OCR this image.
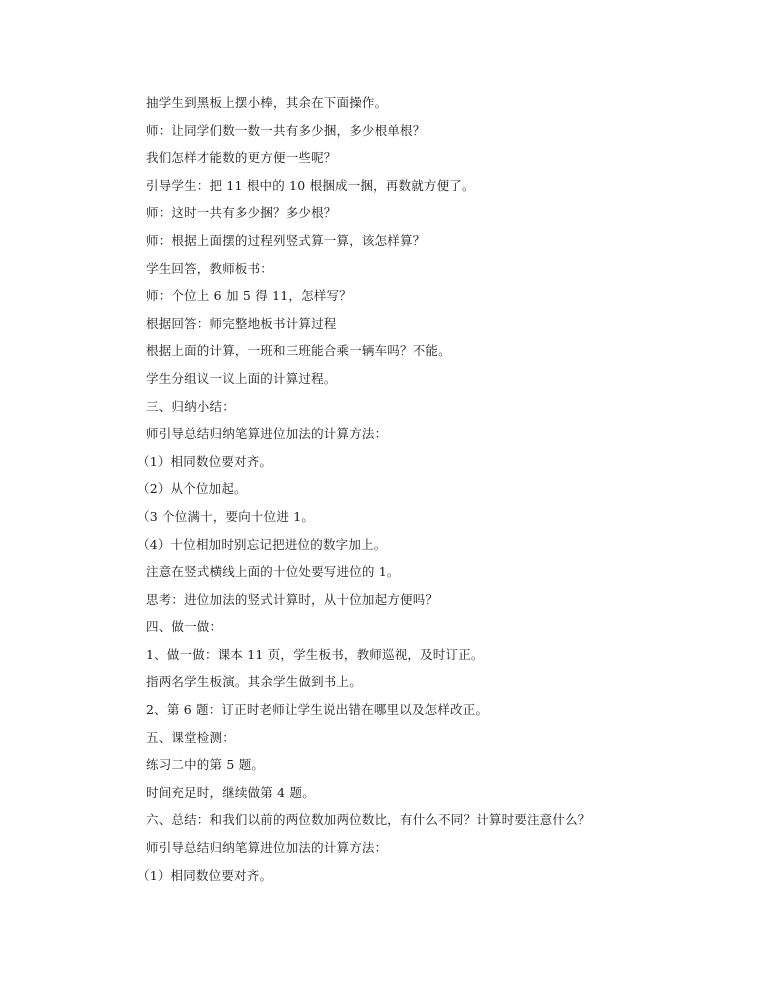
抽学生到黑板上摆小棒，其余在下面操作。
师：让同学们数一数一共有多少捆，多少根单根？
我们怎样才能数的更方便一些呢？
引导学生：把 11 根中的 10 根捆成一捆，再数就方便了。
师：这时一共有多少捆？多少根？
师：根据上面摆的过程列竖式算一算，该怎样算？
学生回答，教师板书：
师：个位上 6 加 5 得 11，怎样写？
根据回答：师完整地板书计算过程
根据上面的计算，一班和三班能合乘一辆车吗？不能。
学生分组议一议上面的计算过程。
三、归纳小结：
师引导总结归纳笔算进位加法的计算方法：
（1）相同数位要对齐。
（2）从个位加起。
（3 个位满十，要向十位进 1。
（4）十位相加时别忘记把进位的数字加上。
注意在竖式横线上面的十位处要写进位的 1。
思考：进位加法的竖式计算时，从十位加起方便吗？
四、做一做：
1、做一做：课本 11 页，学生板书，教师巡视，及时订正。
指两名学生板演。其余学生做到书上。
2、第 6 题：订正时老师让学生说出错在哪里以及怎样改正。
五、课堂检测：
练习二中的第 5 题。
时间充足时，继续做第 4 题。
六、总结：和我们以前的两位数加两位数比，有什么不同？计算时要注意什么？
师引导总结归纳笔算进位加法的计算方法：
（1）相同数位要对齐。
